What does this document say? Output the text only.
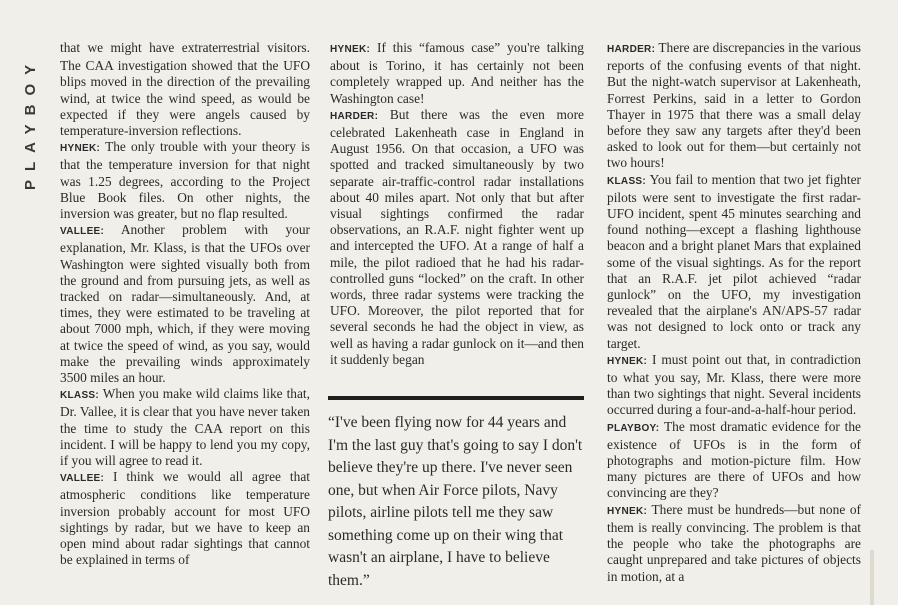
PLAYBOY

that we might have extraterrestrial visitors. The CAA investigation showed that the UFO blips moved in the direction of the prevailing wind, at twice the wind speed, as would be expected if they were angels caused by temperature-inversion reflections.

HYNEK: The only trouble with your theory is that the temperature inversion for that night was 1.25 degrees, according to the Project Blue Book files. On other nights, the inversion was greater, but no flap resulted.

VALLEE: Another problem with your explanation, Mr. Klass, is that the UFOs over Washington were sighted visually both from the ground and from pursuing jets, as well as tracked on radar—simultaneously. And, at times, they were estimated to be traveling at about 7000 mph, which, if they were moving at twice the speed of wind, as you say, would make the prevailing winds approximately 3500 miles an hour.

KLASS: When you make wild claims like that, Dr. Vallee, it is clear that you have never taken the time to study the CAA report on this incident. I will be happy to lend you my copy, if you will agree to read it.

VALLEE: I think we would all agree that atmospheric conditions like temperature inversion probably account for most UFO sightings by radar, but we have to keep an open mind about radar sightings that cannot be explained in terms of

HYNEK: If this “famous case” you're talking about is Torino, it has certainly not been completely wrapped up. And neither has the Washington case!

HARDER: But there was the even more celebrated Lakenheath case in England in August 1956. On that occasion, a UFO was spotted and tracked simultaneously by two separate air-traffic-control radar installations about 40 miles apart. Not only that but after visual sightings confirmed the radar observations, an R.A.F. night fighter went up and intercepted the UFO. At a range of half a mile, the pilot radioed that he had his radar-controlled guns “locked” on the craft. In other words, three radar systems were tracking the UFO. Moreover, the pilot reported that for several seconds he had the object in view, as well as having a radar gunlock on it—and then it suddenly began

“I've been flying now for 44 years and I'm the last guy that's going to say I don't believe they're up there. I've never seen one, but when Air Force pilots, Navy pilots, airline pilots tell me they saw something come up on their wing that wasn't an airplane, I have to believe them.”

HARDER: There are discrepancies in the various reports of the confusing events of that night. But the night-watch supervisor at Lakenheath, Forrest Perkins, said in a letter to Gordon Thayer in 1975 that there was a small delay before they saw any targets after they'd been asked to look out for them—but certainly not two hours!

KLASS: You fail to mention that two jet fighter pilots were sent to investigate the first radar-UFO incident, spent 45 minutes searching and found nothing—except a flashing lighthouse beacon and a bright planet Mars that explained some of the visual sightings. As for the report that an R.A.F. jet pilot achieved “radar gunlock” on the UFO, my investigation revealed that the airplane's AN/APS-57 radar was not designed to lock onto or track any target.

HYNEK: I must point out that, in contradiction to what you say, Mr. Klass, there were more than two sightings that night. Several incidents occurred during a four-and-a-half-hour period.

PLAYBOY: The most dramatic evidence for the existence of UFOs is in the form of photographs and motion-picture film. How many pictures are there of UFOs and how convincing are they?

HYNEK: There must be hundreds—but none of them is really convincing. The problem is that the people who take the photographs are caught unprepared and take pictures of objects in motion, at a
